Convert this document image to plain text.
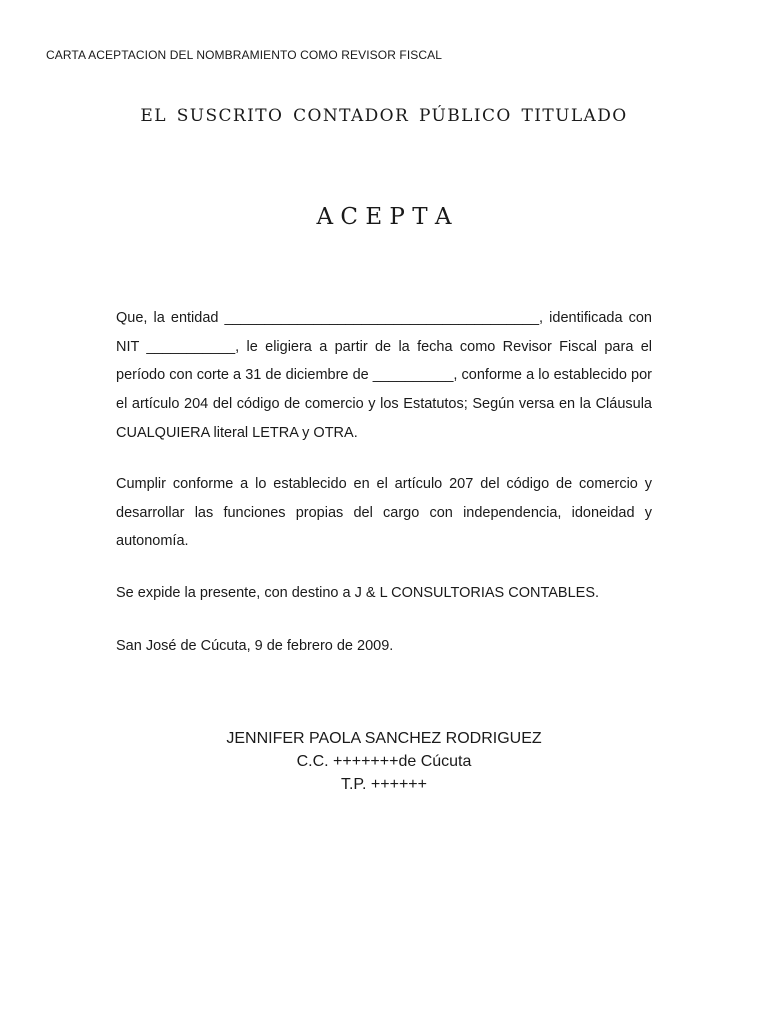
CARTA ACEPTACION DEL NOMBRAMIENTO COMO REVISOR FISCAL
EL SUSCRITO CONTADOR PÚBLICO TITULADO
A C E P T A

Que, la entidad _______________________________________, identificada con NIT ___________, le eligiera a partir de la fecha como Revisor Fiscal para el período con corte a 31 de diciembre de __________, conforme a lo establecido por el artículo 204 del código de comercio y los Estatutos; Según versa en la Cláusula CUALQUIERA literal LETRA y OTRA.

Cumplir conforme a lo establecido en el artículo 207 del código de comercio y desarrollar las funciones propias del cargo con independencia, idoneidad y autonomía.

Se expide la presente, con destino a J & L CONSULTORIAS CONTABLES.

San José de Cúcuta, 9 de febrero de 2009.

JENNIFER PAOLA SANCHEZ RODRIGUEZ
C.C. +++++++de Cúcuta
T.P. ++++++
